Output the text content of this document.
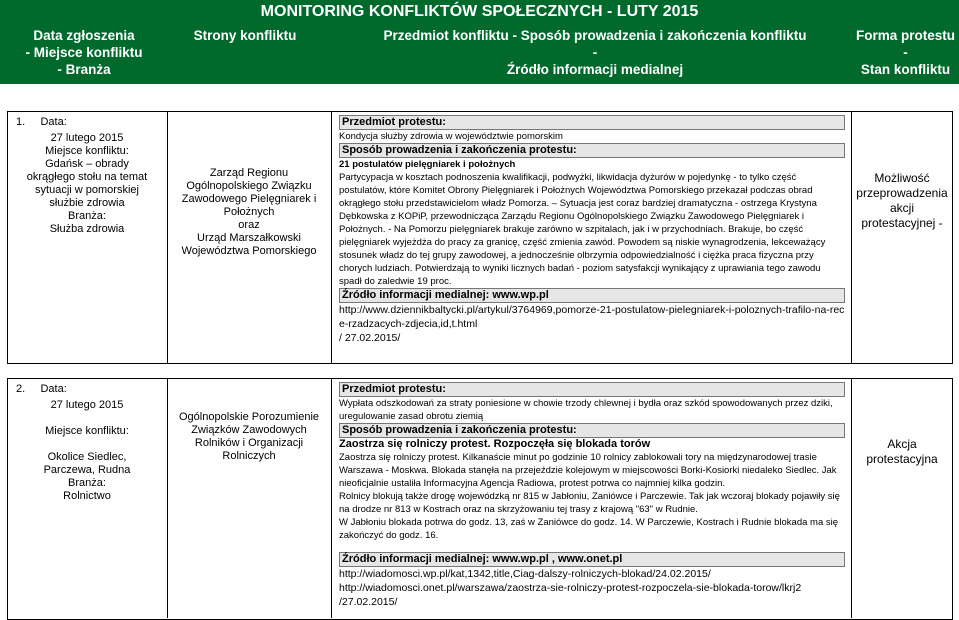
MONITORING KONFLIKTÓW SPOŁECZNYCH - LUTY 2015
Data zgłoszenia
- Miejsce konfliktu
- Branża
Strony konfliktu	Przedmiot konfliktu - Sposób prowadzenia i zakończenia konfliktu
-
Źródło informacji medialnej
Forma protestu
-
Stan konfliktu
1. Data:
27 lutego 2015
Miejsce konfliktu:
Gdańsk – obrady okrągłego stołu na temat sytuacji w pomorskiej służbie zdrowia
Branża:
Służba zdrowia
Zarząd Regionu
Ogólnopolskiego Związku Zawodowego Pielęgniarek i Położnych
oraz
Urząd Marszałkowski
Województwa Pomorskiego
Przedmiot protestu:

Kondycja służby zdrowia w województwie pomorskim

Sposób prowadzenia i zakończenia protestu:

21 postulatów pielęgniarek i położnych

Partycypacja w kosztach podnoszenia kwalifikacji, podwyżki, likwidacja dyżurów w pojedynkę - to tylko część postulatów, które Komitet Obrony Pielęgniarek i Położnych Województwa Pomorskiego przekazał podczas obrad okrągłego stołu przedstawicielom władz Pomorza. – Sytuacja jest coraz bardziej dramatyczna - ostrzega Krystyna Dębkowska z KOPiP, przewodnicząca Zarządu Regionu Ogólnopolskiego Związku Zawodowego Pielęgniarek i Położnych. - Na Pomorzu pielęgniarek brakuje zarówno w szpitalach, jak i w przychodniach. Brakuje, bo część pielęgniarek wyjeżdża do pracy za granicę, część zmienia zawód. Powodem są niskie wynagrodzenia, lekceważący stosunek władz do tej grupy zawodowej, a jednocześnie olbrzymia odpowiedzialność i ciężka praca fizyczna przy chorych ludziach. Potwierdzają to wyniki licznych badań - poziom satysfakcji wynikający z uprawiania tego zawodu spadł do zaledwie 19 proc.

Źródło informacji medialnej: www.wp.pl

http://www.dziennikbaltycki.pl/artykul/3764969,pomorze-21-postulatow-pielegniarek-i-poloznych-trafilo-na-rece-rzadzacych-zdjecia,id,t.html

/ 27.02.2015/

Możliwość
przeprowadzenia
akcji
protestacyjnej -
2. Data:
27 lutego 2015
Miejsce konfliktu:
Okolice Siedlec, Parczewa, Rudna
Branża:
Rolnictwo
Ogólnopolskie Porozumienie
Związków Zawodowych
Rolników i Organizacji
Rolniczych
Przedmiot protestu:

Wypłata odszkodowań za straty poniesione w chowie trzody chlewnej i bydła oraz szkód spowodowanych przez dziki, uregulowanie zasad obrotu ziemią

Sposób prowadzenia i zakończenia protestu:

Zaostrza się rolniczy protest. Rozpoczęła się blokada torów

Zaostrza się rolniczy protest. Kilkanaście minut po godzinie 10 rolnicy zablokowali tory na międzynarodowej trasie Warszawa - Moskwa. Blokada stanęła na przejeździe kolejowym w miejscowości Borki-Kosiorki niedaleko Siedlec. Jak nieoficjalnie ustaliła Informacyjna Agencja Radiowa, protest potrwa co najmniej kilka godzin.

Rolnicy blokują także drogę wojewódzką nr 815 w Jabłoniu, Zaniówce i Parczewie. Tak jak wczoraj blokady pojawiły się na drodze nr 813 w Kostrach oraz na skrzyżowaniu tej trasy z krajową "63" w Rudnie.

W Jabłoniu blokada potrwa do godz. 13, zaś w Zaniówce do godz. 14. W Parczewie, Kostrach i Rudnie blokada ma się zakończyć do godz. 16.

Źródło informacji medialnej: www.wp.pl , www.onet.pl

http://wiadomosci.wp.pl/kat,1342,title,Ciag-dalszy-rolniczych-blokad/24.02.2015/

http://wiadomosci.onet.pl/warszawa/zaostrza-sie-rolniczy-protest-rozpoczela-sie-blokada-torow/lkrj2

/27.02.2015/

Akcja
protestacyjna
